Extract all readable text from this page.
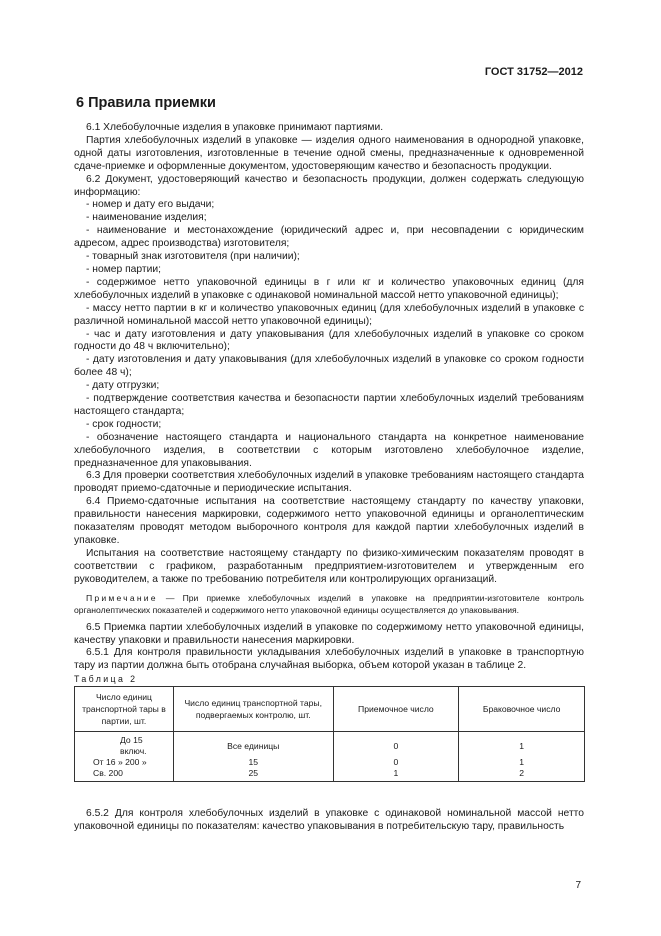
ГОСТ 31752—2012
6 Правила приемки

6.1 Хлебобулочные изделия в упаковке принимают партиями.

Партия хлебобулочных изделий в упаковке — изделия одного наименования в однородной упаковке, одной даты изготовления, изготовленные в течение одной смены, предназначенные к одновременной сдаче-приемке и оформленные документом, удостоверяющим качество и безопасность продукции.

6.2 Документ, удостоверяющий качество и безопасность продукции, должен содержать следующую информацию:

- номер и дату его выдачи;

- наименование изделия;

- наименование и местонахождение (юридический адрес и, при несовпадении с юридическим адресом, адрес производства) изготовителя;

- товарный знак изготовителя (при наличии);

- номер партии;

- содержимое нетто упаковочной единицы в г или кг и количество упаковочных единиц (для хлебобулочных изделий в упаковке с одинаковой номинальной массой нетто упаковочной единицы);

- массу нетто партии в кг и количество упаковочных единиц (для хлебобулочных изделий в упаковке с различной номинальной массой нетто упаковочной единицы);

- час и дату изготовления и дату упаковывания (для хлебобулочных изделий в упаковке со сроком годности до 48 ч включительно);

- дату изготовления и дату упаковывания (для хлебобулочных изделий в упаковке со сроком годности более 48 ч);

- дату отгрузки;

- подтверждение соответствия качества и безопасности партии хлебобулочных изделий требованиям настоящего стандарта;

- срок годности;

- обозначение настоящего стандарта и национального стандарта на конкретное наименование хлебобулочного изделия, в соответствии с которым изготовлено хлебобулочное изделие, предназначенное для упаковывания.

6.3 Для проверки соответствия хлебобулочных изделий в упаковке требованиям настоящего стандарта проводят приемо-сдаточные и периодические испытания.

6.4 Приемо-сдаточные испытания на соответствие настоящему стандарту по качеству упаковки, правильности нанесения маркировки, содержимого нетто упаковочной единицы и органолептическим показателям проводят методом выборочного контроля для каждой партии хлебобулочных изделий в упаковке.

Испытания на соответствие настоящему стандарту по физико-химическим показателям проводят в соответствии с графиком, разработанным предприятием-изготовителем и утвержденным его руководителем, а также по требованию потребителя или контролирующих организаций.

Примечание — При приемке хлебобулочных изделий в упаковке на предприятии-изготовителе контроль органолептических показателей и содержимого нетто упаковочной единицы осуществляется до упаковывания.

6.5 Приемка партии хлебобулочных изделий в упаковке по содержимому нетто упаковочной единицы, качеству упаковки и правильности нанесения маркировки.

6.5.1 Для контроля правильности укладывания хлебобулочных изделий в упаковке в транспортную тару из партии должна быть отобрана случайная выборка, объем которой указан в таблице 2.

Таблица 2

Число единиц транспортной тары в партии, шт.	Число единиц транспортной тары, подвергаемых контролю, шт.	Приемочное число	Браковочное число
До 15 включ.	Все единицы	0	1
От 16 » 200 »	15	0	1
Св. 200	25	1	2

6.5.2 Для контроля хлебобулочных изделий в упаковке с одинаковой номинальной массой нетто упаковочной единицы по показателям: качество упаковывания в потребительскую тару, правильность

7
